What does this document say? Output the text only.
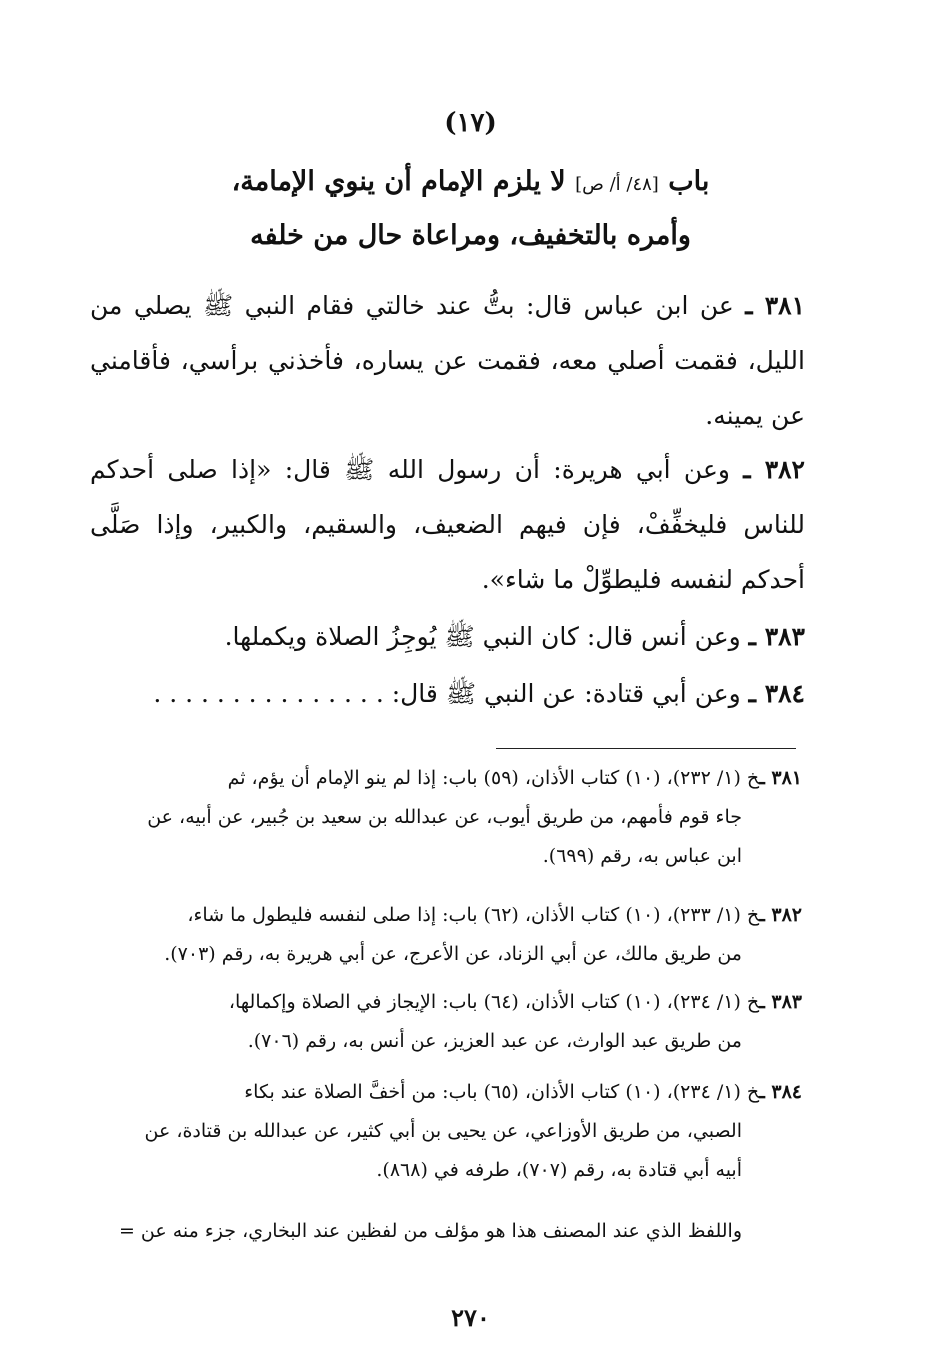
(١٧)
باب [٤٨/ أ/ ص] لا يلزم الإمام أن ينوي الإمامة،
وأمره بالتخفيف، ومراعاة حال من خلفه
٣٨١ ـ عن ابن عباس قال: بتُّ عند خالتي فقام النبي ﷺ يصلي من الليل، فقمت أصلي معه، فقمت عن يساره، فأخذني برأسي، فأقامني عن يمينه.
٣٨٢ ـ وعن أبي هريرة: أن رسول الله ﷺ قال: «إذا صلى أحدكم للناس فليخفِّفْ، فإن فيهم الضعيف، والسقيم، والكبير، وإذا صَلَّى أحدكم لنفسه فليطوِّلْ ما شاء».
٣٨٣ ـ وعن أنس قال: كان النبي ﷺ يُوجِزُ الصلاة ويكملها.
٣٨٤ ـ وعن أبي قتادة: عن النبي ﷺ قال: . . . . . . . . . . . . . . .
٣٨١ ـخ (١/ ٢٣٢)، (١٠) كتاب الأذان، (٥٩) باب: إذا لم ينو الإمام أن يؤم، ثم
جاء قوم فأمهم، من طريق أيوب، عن عبدالله بن سعيد بن جُبير، عن أبيه، عن
ابن عباس به، رقم (٦٩٩).
٣٨٢ ـخ (١/ ٢٣٣)، (١٠) كتاب الأذان، (٦٢) باب: إذا صلى لنفسه فليطول ما شاء،
من طريق مالك، عن أبي الزناد، عن الأعرج، عن أبي هريرة به، رقم (٧٠٣).
٣٨٣ ـخ (١/ ٢٣٤)، (١٠) كتاب الأذان، (٦٤) باب: الإيجاز في الصلاة وإكمالها،
من طريق عبد الوارث، عن عبد العزيز، عن أنس به، رقم (٧٠٦).
٣٨٤ ـخ (١/ ٢٣٤)، (١٠) كتاب الأذان، (٦٥) باب: من أخفَّ الصلاة عند بكاء
الصبي، من طريق الأوزاعي، عن يحيى بن أبي كثير، عن عبدالله بن قتادة، عن
أبيه أبي قتادة به، رقم (٧٠٧)، طرفه في (٨٦٨).
واللفظ الذي عند المصنف هذا هو مؤلف من لفظين عند البخاري، جزء منه عن =
٢٧٠
